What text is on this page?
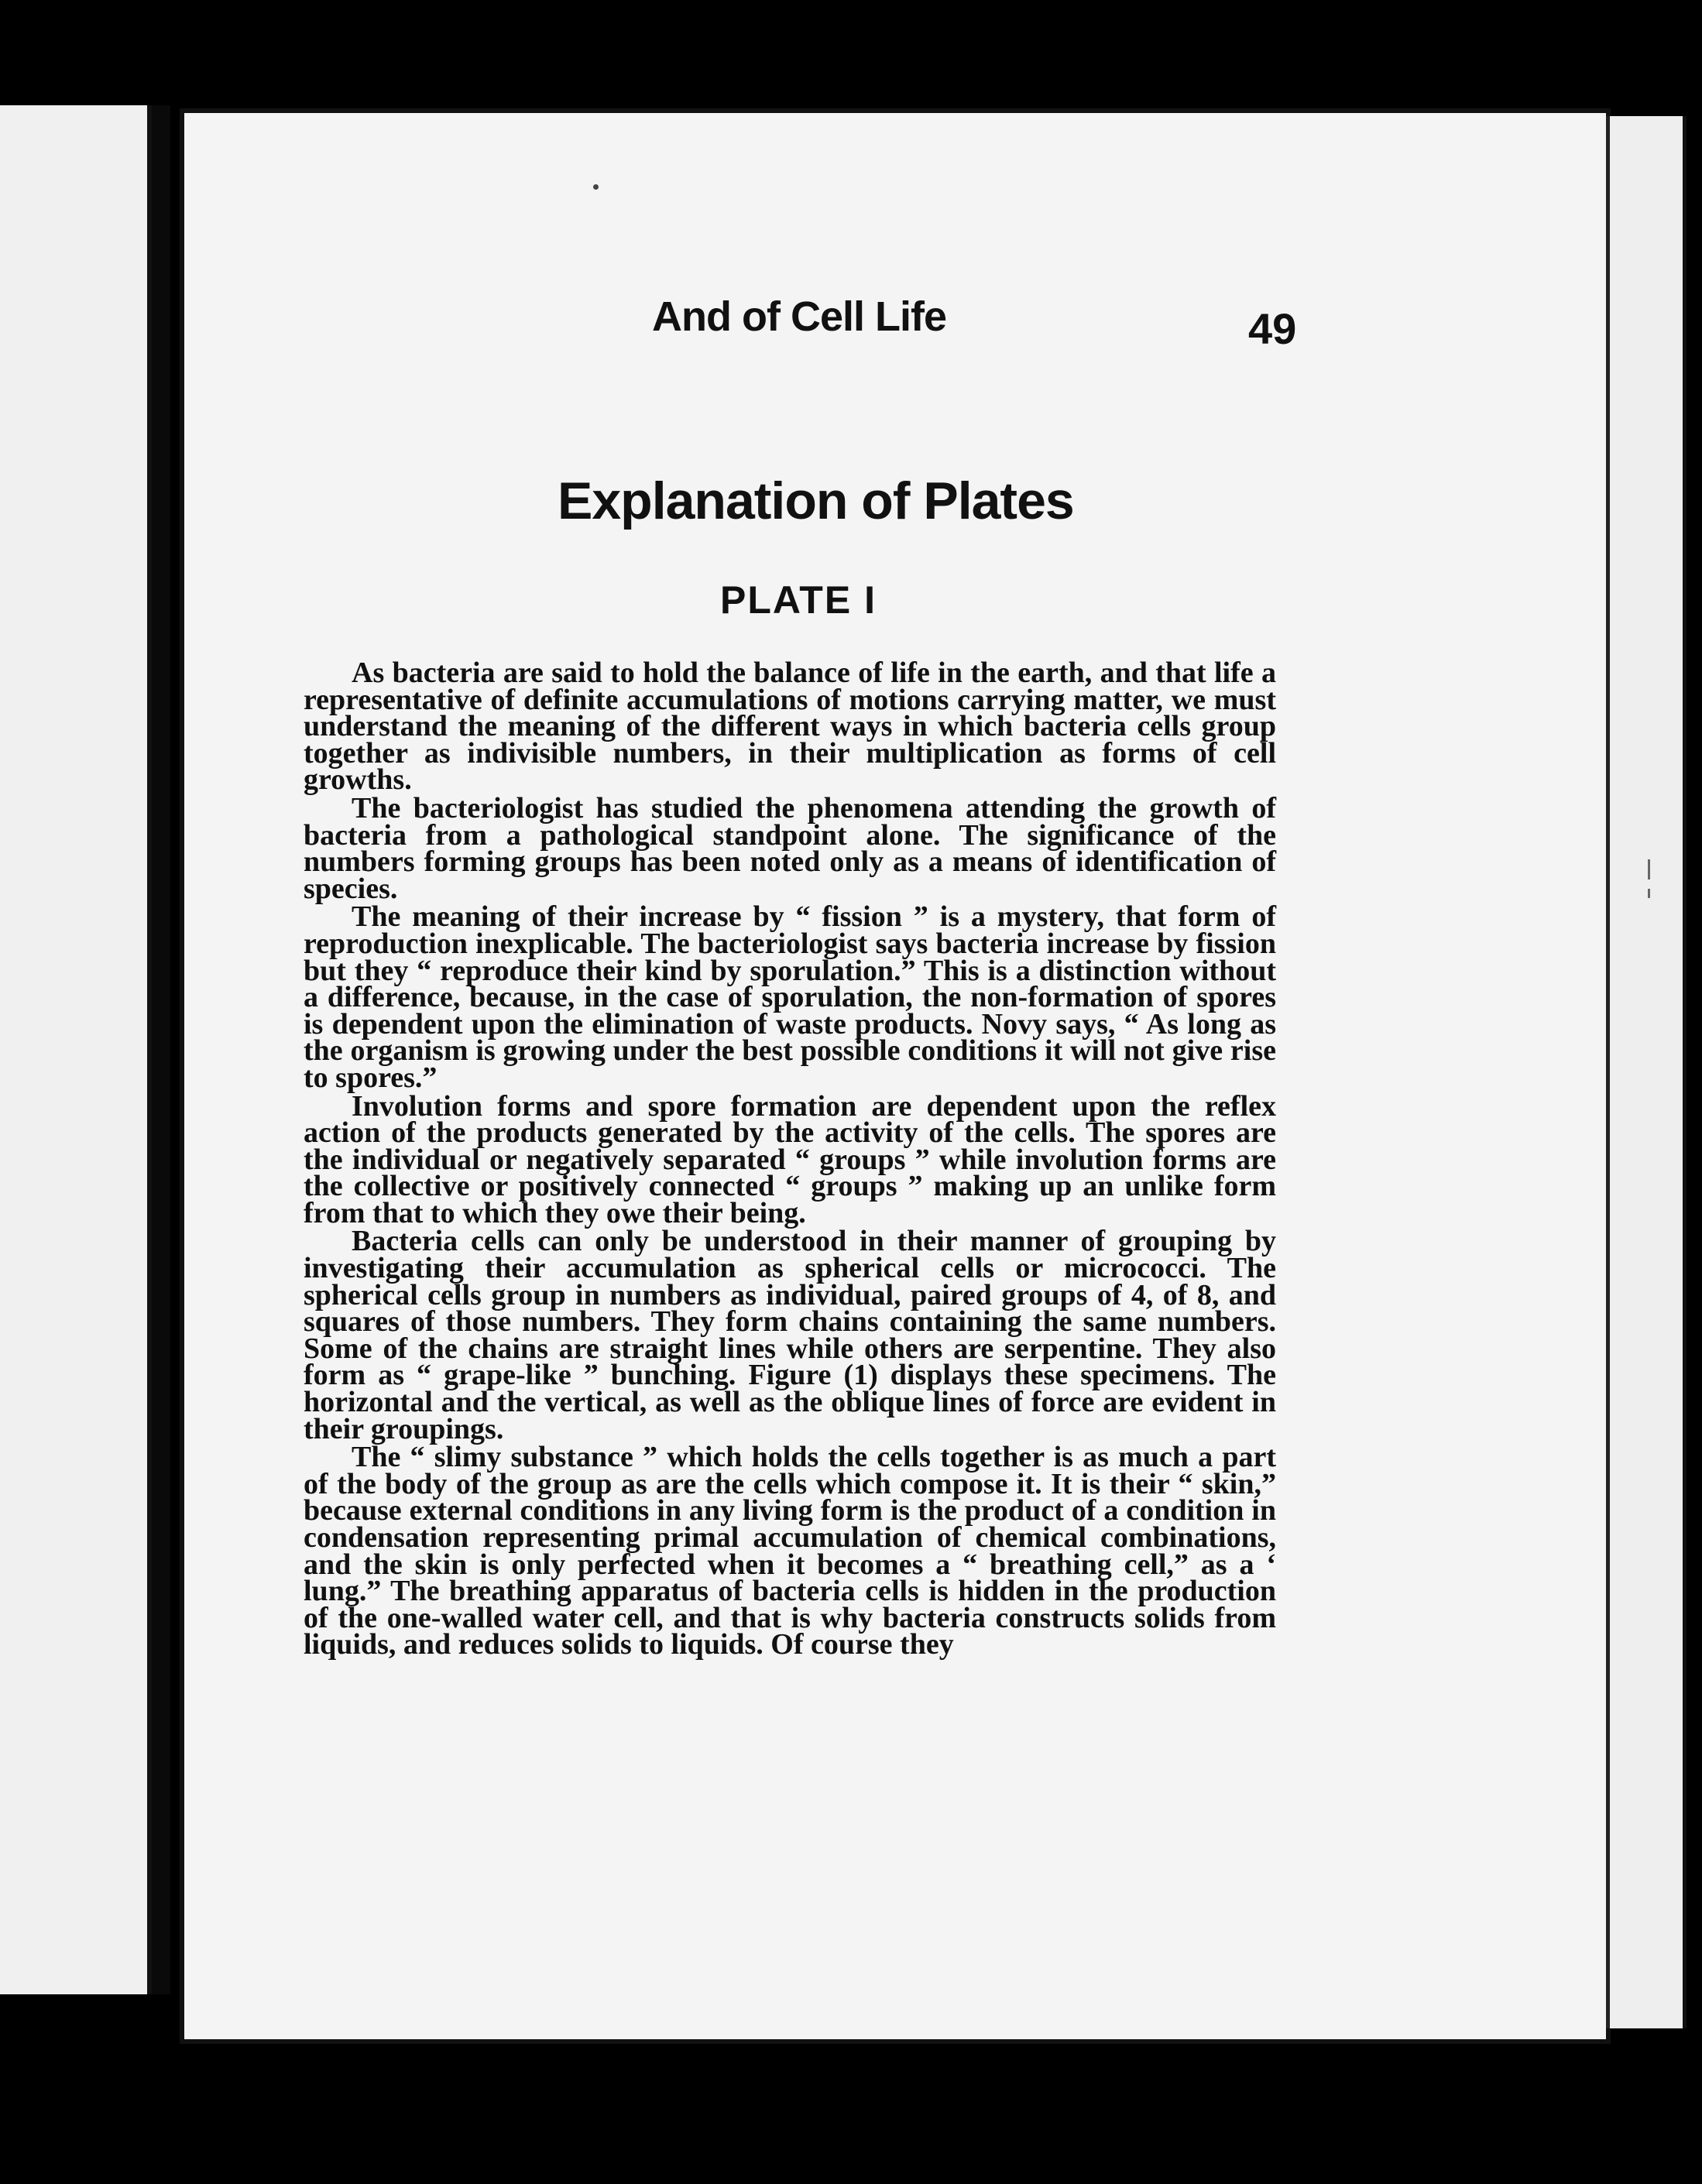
And of Cell Life	49
Explanation of Plates
PLATE I

As bacteria are said to hold the balance of life in the earth, and that life a representative of definite accumulations of motions carrying matter, we must understand the meaning of the different ways in which bacteria cells group together as indivisible numbers, in their multiplication as forms of cell growths.

The bacteriologist has studied the phenomena attending the growth of bacteria from a pathological standpoint alone. The significance of the numbers forming groups has been noted only as a means of identification of species.

The meaning of their increase by “ fission ” is a mystery, that form of reproduction inexplicable. The bacteriologist says bacteria increase by fission but they “ reproduce their kind by sporulation.” This is a distinction without a difference, because, in the case of sporulation, the non-formation of spores is dependent upon the elimination of waste products. Novy says, “ As long as the organism is growing under the best possible conditions it will not give rise to spores.”

Involution forms and spore formation are dependent upon the reflex action of the products generated by the activity of the cells. The spores are the individual or negatively separated “ groups ” while involution forms are the collective or positively connected “ groups ” making up an unlike form from that to which they owe their being.

Bacteria cells can only be understood in their manner of grouping by investigating their accumulation as spherical cells or micrococci. The spherical cells group in numbers as individual, paired groups of 4, of 8, and squares of those numbers. They form chains containing the same numbers. Some of the chains are straight lines while others are serpentine. They also form as “ grape-like ” bunching. Figure (1) displays these specimens. The horizontal and the vertical, as well as the oblique lines of force are evident in their groupings.

The “ slimy substance ” which holds the cells together is as much a part of the body of the group as are the cells which compose it. It is their “ skin,” because external conditions in any living form is the product of a condition in condensation representing primal accumulation of chemical combinations, and the skin is only perfected when it becomes a “ breathing cell,” as a ‘ lung.” The breathing apparatus of bacteria cells is hidden in the production of the one-walled water cell, and that is why bacteria constructs solids from liquids, and reduces solids to liquids. Of course they
